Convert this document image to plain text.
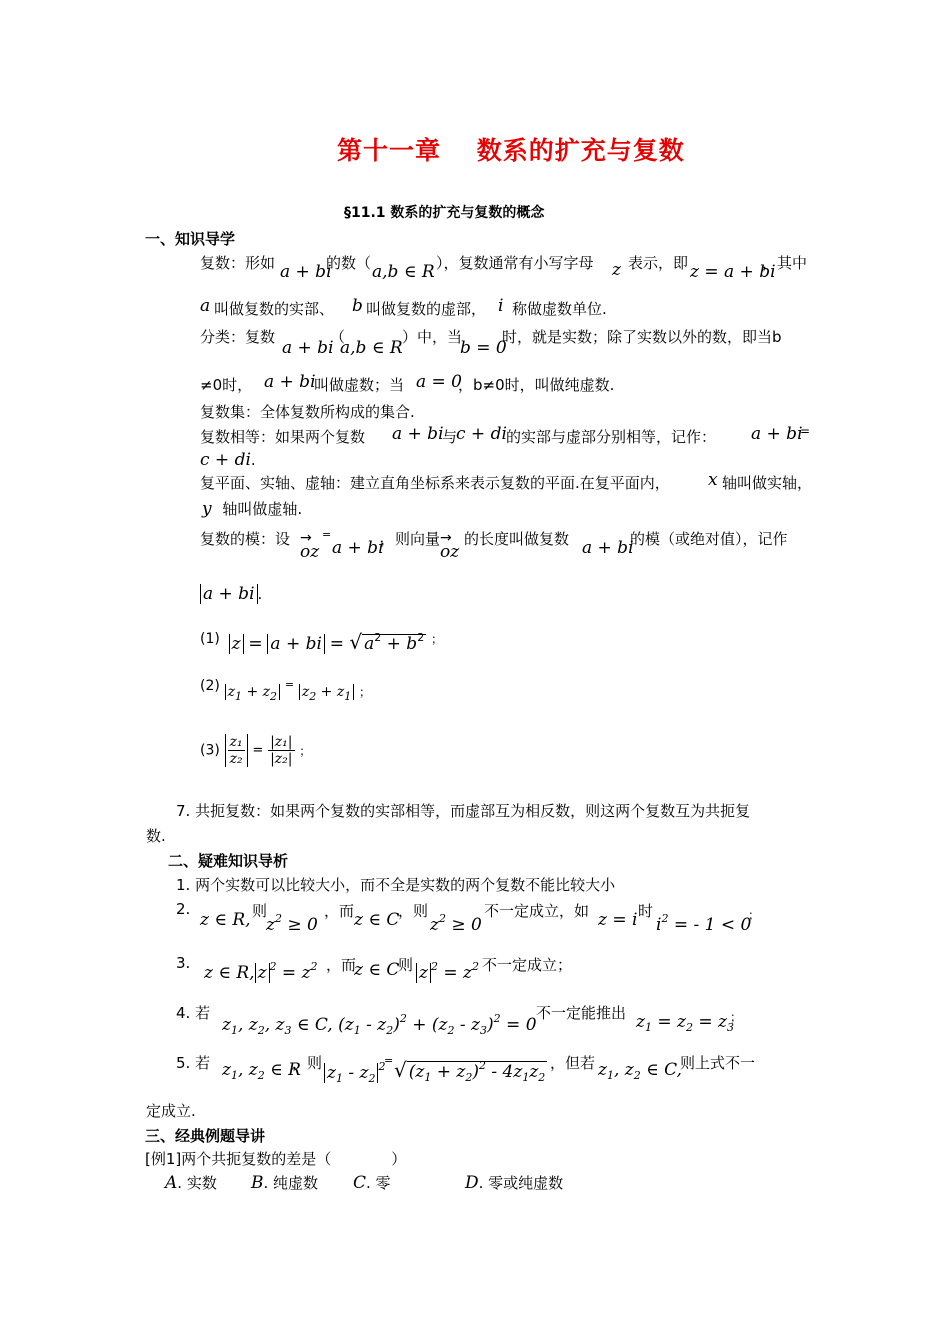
第十一章　 数系的扩充与复数
§11.1 数系的扩充与复数的概念
一、知识导学
复数：形如 a + bi
的数（ a,b ∈ R ），复数通常有小写字母 z 表示，即 z = a + bi
，其中
a 叫做复数的实部、 b 叫做复数的虚部， i 称做虚数单位.
分类：复数
a + bi
（
a,b ∈ R
）中，当
b = 0
时，就是实数；除了实数以外的数，即当b
≠0时， a + bi
叫做虚数；当 a = 0
，b≠0时，叫做纯虚数.
复数集：全体复数所构成的集合.
复数相等：如果两个复数 a + bi
与
c + di 的实部与虚部分别相等，记作： a + bi
=
c + di.
复平面、实轴、虚轴：建立直角坐标系来表示复数的平面.在复平面内， x 轴叫做实轴，
y 轴叫做虚轴.
复数的模：设 →
oz
=
a + bi
，则向量 →
oz
的长度叫做复数 a + bi
的模（或绝对值），记作
a + bi .
(1) z = a + bi = √ $a^2 + b^2$ ；
(2) $z_1 + z_2$ = $z_2 + z_1$ ；
$(3) \frac{\text{z₁}}{\text{z₂}} = \frac{\text{|z₁|}}{\text{|z₂|}}$ ；
7. 共扼复数：如果两个复数的实部相等，而虚部互为相反数，则这两个复数互为共扼复
数.
二、疑难知识导析
1. 两个实数可以比较大小，而不全是实数的两个复数不能比较大小
2.
z ∈ R, 则
$z^2 \ge 0$
，而 z ∈ C
，则
$z^2 \ge 0$
不一定成立，如 z = i 时
$i^2$ = - 1 < 0
；
3. z ∈ R, z $^2 = z^2$ ，而
z ∈ C
则 z $^2 = z^2$ 不一定成立；
4. 若
$z_1$, $z_2$, $z_3$ ∈ C, $(z_1 - z_2)^2 + (z_2 - z_3)^2 = 0$
不一定能推出 $z_1 = z_2 = z_3$
；
5. 若 $z_1$, $z_2$ ∈ R
，则 $z_1 - z_2^2$
= √ $(z_1 + z_2)^2 - 4z_1z_2$
，但若 $z_1$, $z_2$ ∈ C,
则上式不一
定成立.
三、经典例题导讲
[例1]两个共扼复数的差是（　　　　）
A. 实数 B. 纯虚数 C. 零	D. 零或纯虚数
